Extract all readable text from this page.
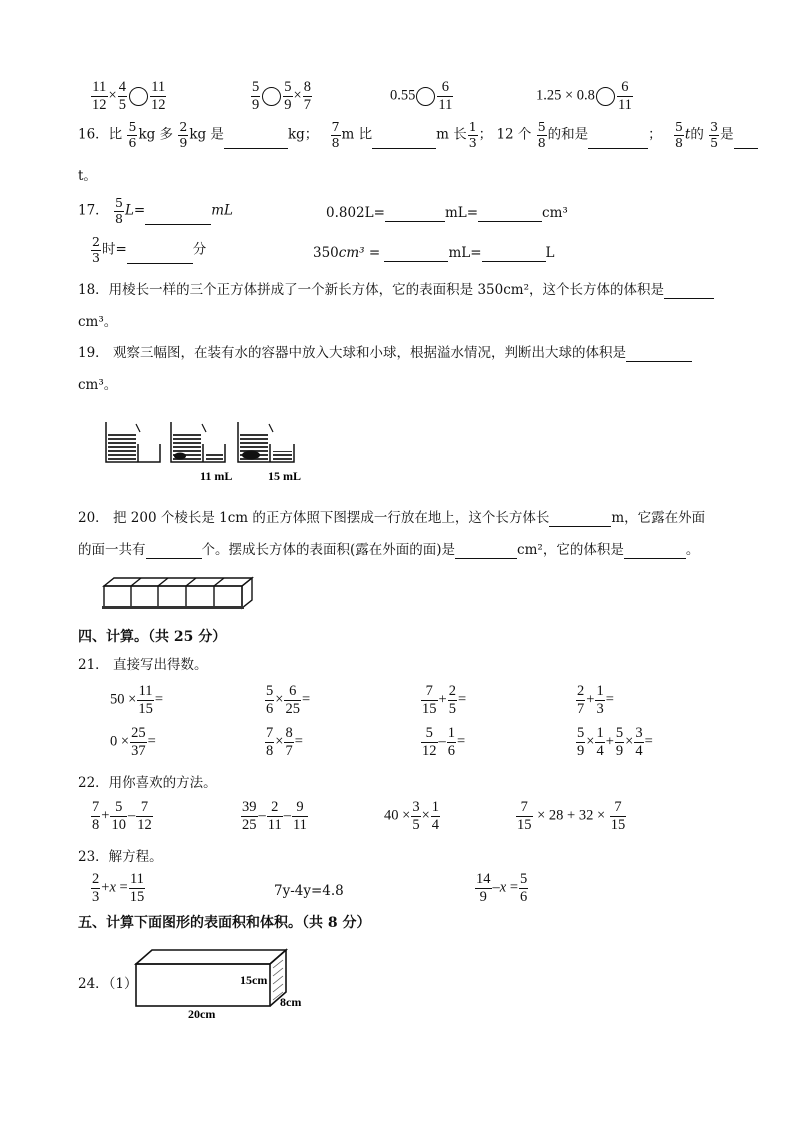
$\frac{11}{12} \times \frac{4}{5} \frac{11}{12}$	$\frac{5}{9} \frac{5}{9} \times \frac{8}{7}$	$0.55 \frac{6}{11}$	$1.25 \times 0.8 \frac{6}{11}$
16．比 $\frac{5}{6}$ kg 多 $\frac{2}{9}$ kg 是	kg； $\frac{7}{8}$ m 比	m 长 $\frac{1}{3}$ ； 12 个 $\frac{5}{8}$ 的和是	； $\frac{5}{8}$ t的 $\frac{3}{5}$ 是
t。
17． $\frac{5}{8} L=$	mL	0.802L=	mL=	cm³
$\frac{2}{3}$ 时=	分	350cm³ =	mL=	L
18．用棱长一样的三个正方体拼成了一个新长方体，它的表面积是 350cm²，这个长方体的体积是
cm³。
19． 观察三幅图，在装有水的容器中放入大球和小球，根据溢水情况，判断出大球的体积是
cm³。
11 mL	15 mL
20． 把 200 个棱长是 1cm 的正方体照下图摆成一行放在地上，这个长方体长	m，它露在外面
的面一共有	个。摆成长方体的表面积(露在外面的面)是	cm²，它的体积是	。
四、计算。（共 25 分）
21． 直接写出得数。
$50 \times \frac{11}{15}$ =	$\frac{5}{6} \times \frac{6}{25}$ =	$\frac{7}{15} + \frac{2}{5}$ =	$\frac{2}{7} + \frac{1}{3}$ =
$0 \times \frac{25}{37}$ =	$\frac{7}{8} \times \frac{8}{7}$ =	$\frac{5}{12} - \frac{1}{6}$ =	$\frac{5}{9} \times \frac{1}{4} + \frac{5}{9} \times \frac{3}{4}$ =
22．用你喜欢的方法。
$\frac{7}{8} + \frac{5}{10} - \frac{7}{12}$	$\frac{39}{25} - \frac{2}{11} - \frac{9}{11}$	$40 \times \frac{3}{5} \times \frac{1}{4}$	$\frac{7}{15} \times 28 + 32 \times \frac{7}{15}$
23．解方程。
$\frac{2}{3} +x = \frac{11}{15}$	7y-4y=4.8	$\frac{14}{9} -x = \frac{5}{6}$
五、计算下面图形的表面积和体积。（共 8 分）
24．（1）	15cm
8cm
20cm
